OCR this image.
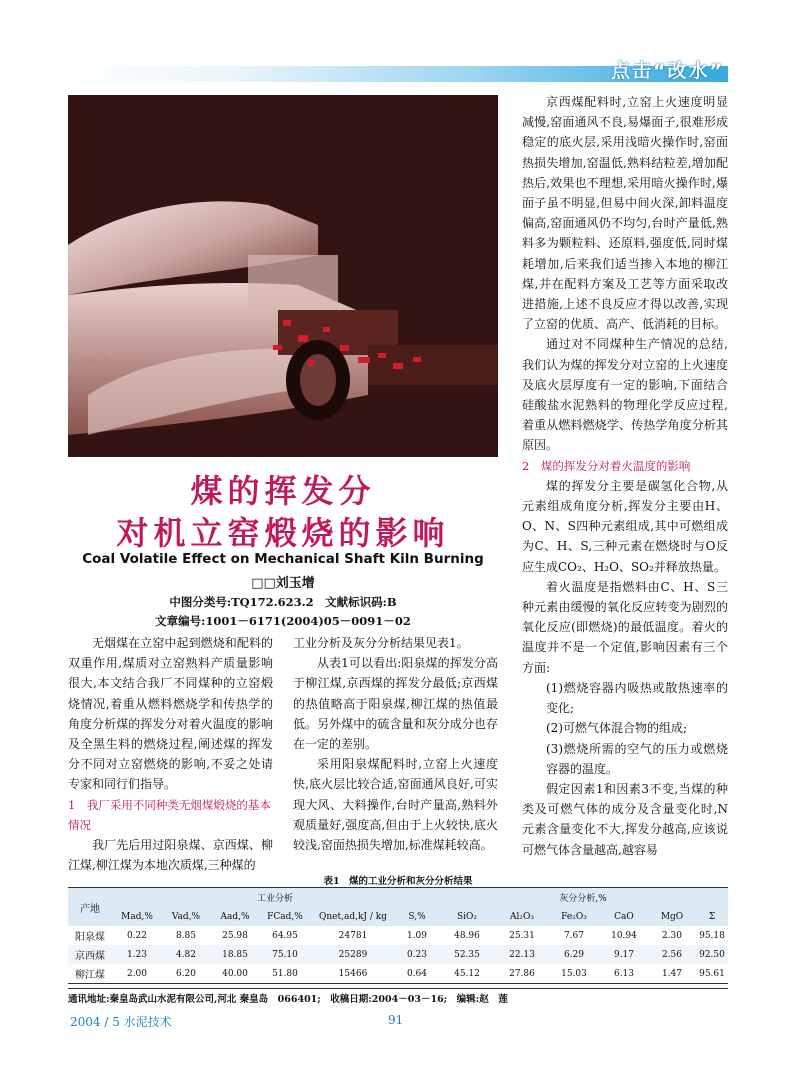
点击“改水”
<> ☼
煤的挥发分
对机立窑煅烧的影响
Coal Volatile Effect on Mechanical Shaft Kiln Burning
□□刘玉增
中图分类号:TQ172.623.2　文献标识码:B
文章编号:1001－6171(2004)05－0091－02

无烟煤在立窑中起到燃烧和配料的双重作用,煤质对立窑熟料产质量影响很大,本文结合我厂不同煤种的立窑煅烧情况,着重从燃料燃烧学和传热学的角度分析煤的挥发分对着火温度的影响及全黑生料的燃烧过程,阐述煤的挥发分不同对立窑燃烧的影响,不妥之处请专家和同行们指导。

1　我厂采用不同种类无烟煤煅烧的基本情况

我厂先后用过阳泉煤、京西煤、柳江煤,柳江煤为本地次质煤,三种煤的

工业分析及灰分分析结果见表1。

从表1可以看出:阳泉煤的挥发分高于柳江煤,京西煤的挥发分最低;京西煤的热值略高于阳泉煤,柳江煤的热值最低。另外煤中的硫含量和灰分成分也存在一定的差别。

采用阳泉煤配料时,立窑上火速度快,底火层比较合适,窑面通风良好,可实现大风、大料操作,台时产量高,熟料外观质量好,强度高,但由于上火较快,底火较浅,窑面热损失增加,标准煤耗较高。

京西煤配料时,立窑上火速度明显减慢,窑面通风不良,易爆面子,很难形成稳定的底火层,采用浅暗火操作时,窑面热损失增加,窑温低,熟料结粒差,增加配热后,效果也不理想,采用暗火操作时,爆面子虽不明显,但易中间火深,卸料温度偏高,窑面通风仍不均匀,台时产量低,熟料多为颗粒料、还原料,强度低,同时煤耗增加,后来我们适当掺入本地的柳江煤,并在配料方案及工艺等方面采取改进措施,上述不良反应才得以改善,实现了立窑的优质、高产、低消耗的目标。

通过对不同煤种生产情况的总结,我们认为煤的挥发分对立窑的上火速度及底火层厚度有一定的影响,下面结合硅酸盐水泥熟料的物理化学反应过程,着重从燃料燃烧学、传热学角度分析其原因。

2　煤的挥发分对着火温度的影响

煤的挥发分主要是碳氢化合物,从元素组成角度分析,挥发分主要由H、O、N、S四种元素组成,其中可燃组成为C、H、S,三种元素在燃烧时与O反应生成CO₂、H₂O、SO₂并释放热量。

着火温度是指燃料由C、H、S三种元素由缓慢的氧化反应转变为剧烈的氧化反应(即燃烧)的最低温度。着火的温度并不是一个定值,影响因素有三个方面:

(1)燃烧容器内吸热或散热速率的变化;

(2)可燃气体混合物的组成;

(3)燃烧所需的空气的压力或燃烧容器的温度。

假定因素1和因素3不变,当煤的种类及可燃气体的成分及含量变化时,N元素含量变化不大,挥发分越高,应该说可燃气体含量越高,越容易

表1　煤的工业分析和灰分分析结果
产地	工业分析						灰分分析,%					
	Mad,%	Vad,%	Aad,%	FCad,%	Qnet,ad,kJ / kg	S,%	SiO₂	Al₂O₃	Fe₂O₃	CaO	MgO	Σ
阳泉煤	0.22	8.85	25.98	64.95	24781	1.09	48.96	25.31	7.67	10.94	2.30	95.18
京西煤	1.23	4.82	18.85	75.10	25289	0.23	52.35	22.13	6.29	9.17	2.56	92.50
柳江煤	2.00	6.20	40.00	51.80	15466	0.64	45.12	27.86	15.03	6.13	1.47	95.61
通讯地址:秦皇岛武山水泥有限公司,河北 秦皇岛　066401;　收稿日期:2004－03－16;　编辑:赵　莲
2004 / 5 水泥技术	91
